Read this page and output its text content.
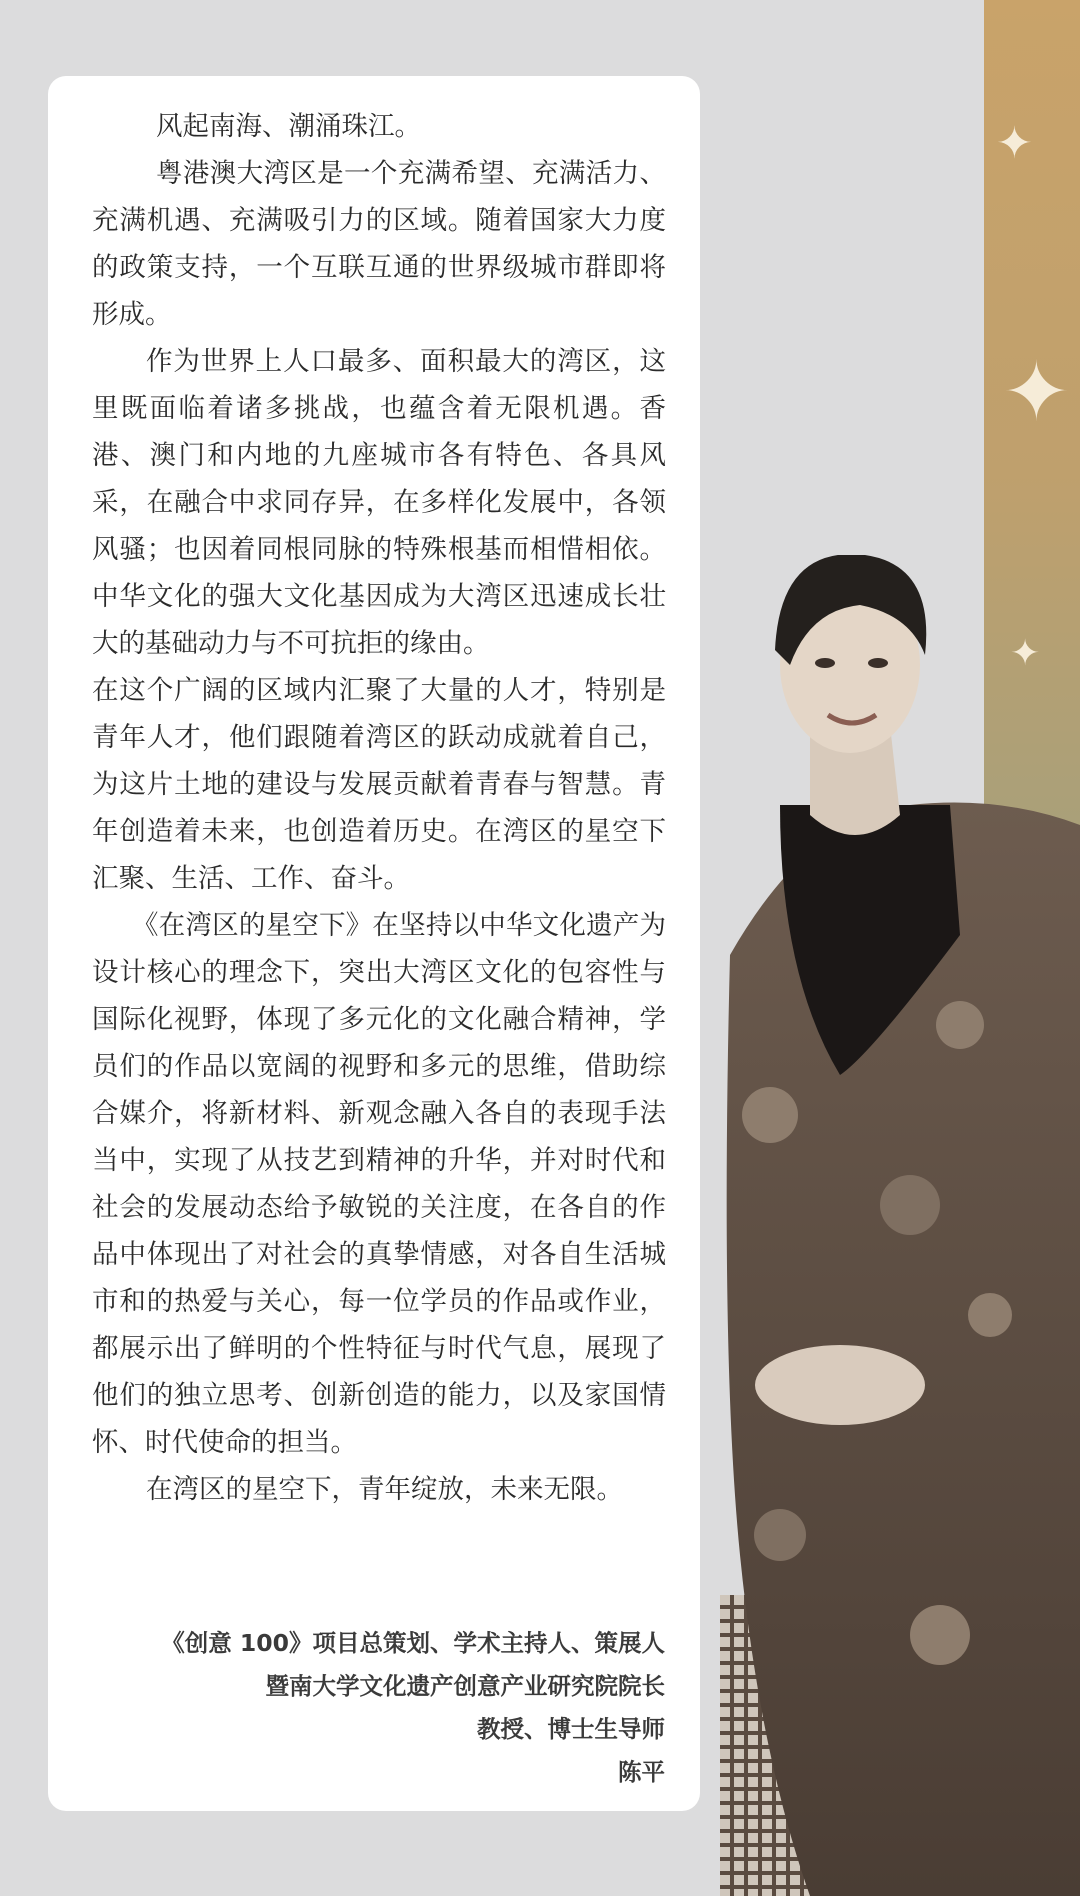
✦
✦
✦

风起南海、潮涌珠江。

粤港澳大湾区是一个充满希望、充满活力、充满机遇、充满吸引力的区域。随着国家大力度的政策支持，一个互联互通的世界级城市群即将形成。

作为世界上人口最多、面积最大的湾区，这里既面临着诸多挑战，也蕴含着无限机遇。香港、澳门和内地的九座城市各有特色、各具风采，在融合中求同存异，在多样化发展中，各领风骚；也因着同根同脉的特殊根基而相惜相依。中华文化的强大文化基因成为大湾区迅速成长壮大的基础动力与不可抗拒的缘由。

在这个广阔的区域内汇聚了大量的人才，特别是青年人才，他们跟随着湾区的跃动成就着自己，为这片土地的建设与发展贡献着青春与智慧。青年创造着未来，也创造着历史。在湾区的星空下汇聚、生活、工作、奋斗。

《在湾区的星空下》在坚持以中华文化遗产为设计核心的理念下，突出大湾区文化的包容性与国际化视野，体现了多元化的文化融合精神，学员们的作品以宽阔的视野和多元的思维，借助综合媒介，将新材料、新观念融入各自的表现手法当中，实现了从技艺到精神的升华，并对时代和社会的发展动态给予敏锐的关注度，在各自的作品中体现出了对社会的真挚情感，对各自生活城市和的热爱与关心，每一位学员的作品或作业，都展示出了鲜明的个性特征与时代气息，展现了他们的独立思考、创新创造的能力，以及家国情怀、时代使命的担当。

在湾区的星空下，青年绽放，未来无限。

《创意 100》项目总策划、学术主持人、策展人
暨南大学文化遗产创意产业研究院院长
教授、博士生导师
陈平
